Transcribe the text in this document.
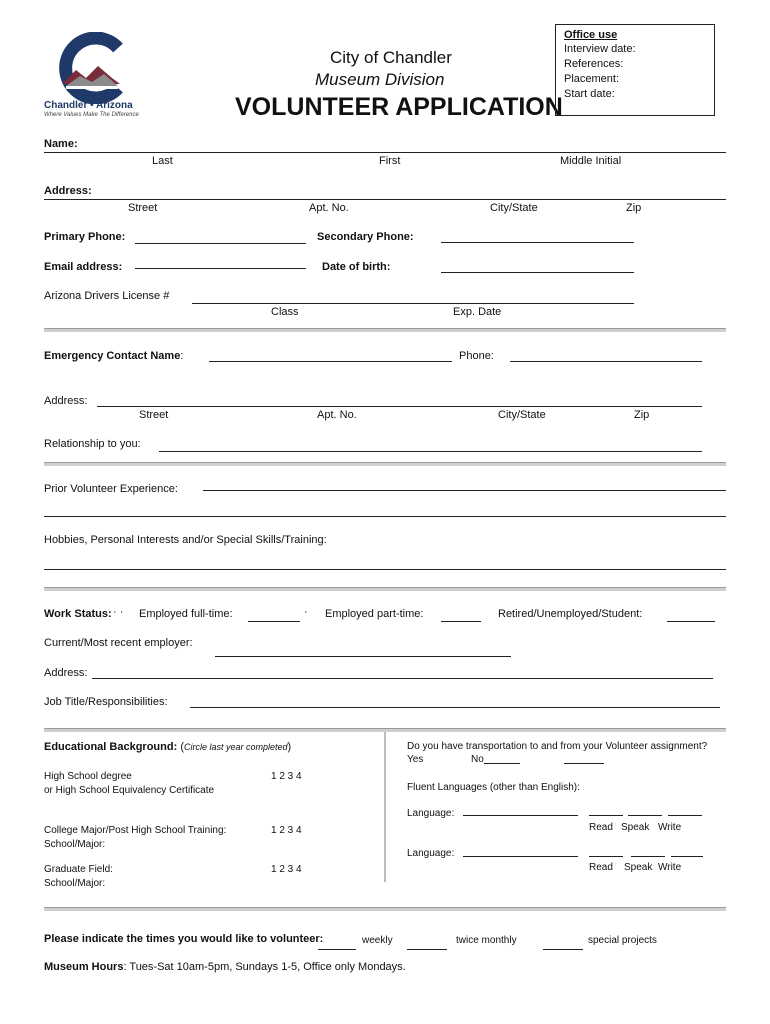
Chandler • Arizona
Where Values Make The Difference
City of Chandler
Museum Division
VOLUNTEER APPLICATION
Office use
Interview date:
References:
Placement:
Start date:
Name:
Last	First	Middle Initial
Address:
Street	Apt. No.	City/State	Zip
Primary Phone:	Secondary Phone:
Email address:	Date of birth:
Arizona Drivers License #
Class	Exp. Date
Emergency Contact Name:	Phone:
Address:
Street	Apt. No.	City/State	Zip
Relationship to you:
Prior Volunteer Experience:
Hobbies, Personal Interests and/or Special Skills/Training:
Work Status: · · Employed full-time:	· Employed part-time:	Retired/Unemployed/Student:
Current/Most recent employer:
Address:
Job Title/Responsibilities:
Educational Background: (Circle last year completed)
High School degree
or High School Equivalency Certificate
1 2 3 4
College Major/Post High School Training:
School/Major:
1 2 3 4
Graduate Field:
School/Major:
1 2 3 4
Do you have transportation to and from your Volunteer assignment?
Yes	No
Fluent Languages (other than English):
Language:
Read Speak Write
Language:
Read Speak Write
Please indicate the times you would like to volunteer:	weekly	twice monthly	special projects
Museum Hours: Tues-Sat 10am-5pm, Sundays 1-5, Office only Mondays.
